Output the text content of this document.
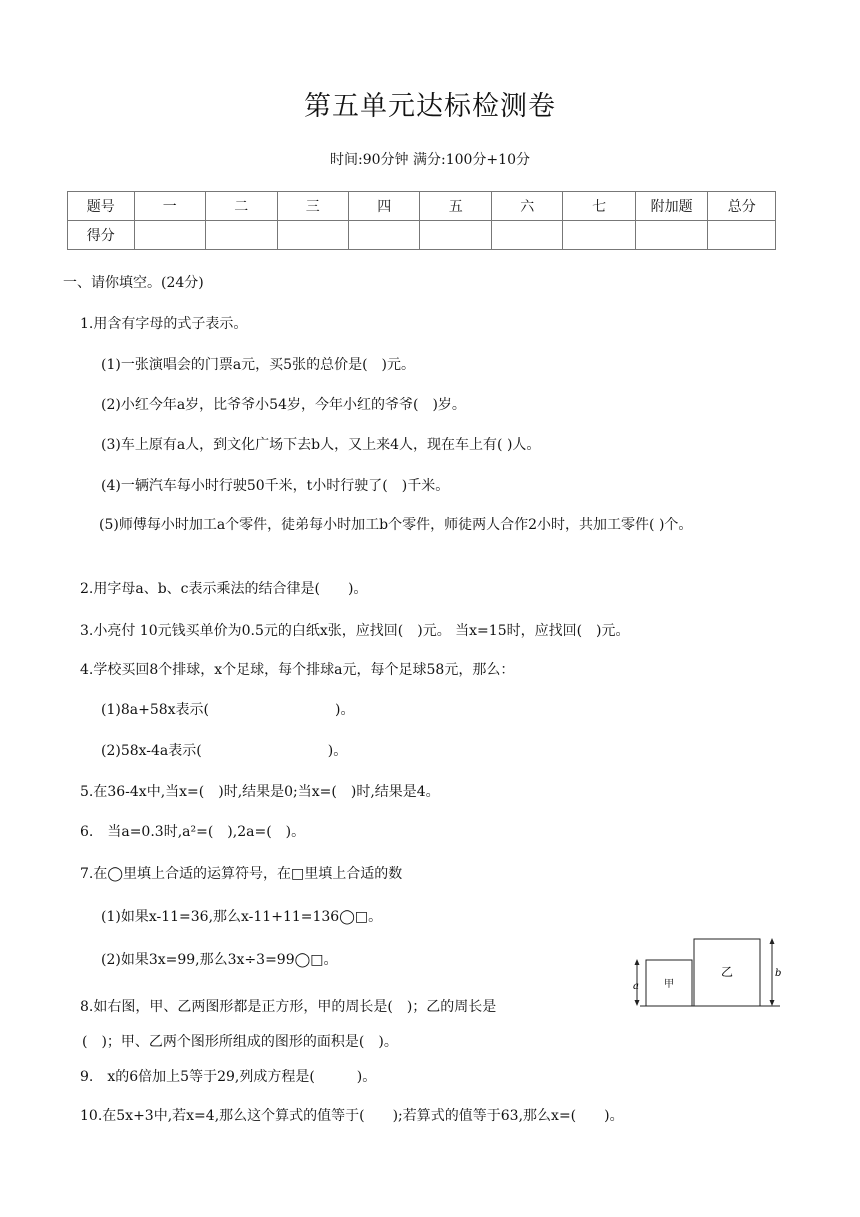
第五单元达标检测卷
时间:90分钟 满分:100分+10分
题号	一	二	三	四	五	六	七	附加题	总分
得分									
一、请你填空。(24分)
1.用含有字母的式子表示。
(1)一张演唱会的门票a元，买5张的总价是(　)元。
(2)小红今年a岁，比爷爷小54岁，今年小红的爷爷(　)岁。
(3)车上原有a人，到文化广场下去b人，又上来4人，现在车上有( )人。
(4)一辆汽车每小时行驶50千米，t小时行驶了(　)千米。
(5)师傅每小时加工a个零件，徒弟每小时加工b个零件，师徒两人合作2小时，共加工零件( )个。
2.用字母a、b、c表示乘法的结合律是(　　)。
3.小亮付 10元钱买单价为0.5元的白纸x张，应找回(　)元。 当x=15时，应找回(　)元。
4.学校买回8个排球，x个足球，每个排球a元，每个足球58元，那么：
(1)8a+58x表示(　　　　　　　　　)。
(2)58x-4a表示(　　　　　　　　　)。
5.在36-4x中,当x=(　)时,结果是0;当x=(　)时,结果是4。
6.　当a=0.3时,a²=(　),2a=(　)。
7.在◯里填上合适的运算符号，在□里填上合适的数
(1)如果x-11=36,那么x-11+11=136◯□。
(2)如果3x=99,那么3x÷3=99◯□。
8.如右图，甲、乙两图形都是正方形，甲的周长是(　)；乙的周长是
(　)；甲、乙两个图形所组成的图形的面积是(　)。
9.　x的6倍加上5等于29,列成方程是(　　　)。
10.在5x+3中,若x=4,那么这个算式的值等于(　　);若算式的值等于63,那么x=(　　)。
甲
乙
a
b
